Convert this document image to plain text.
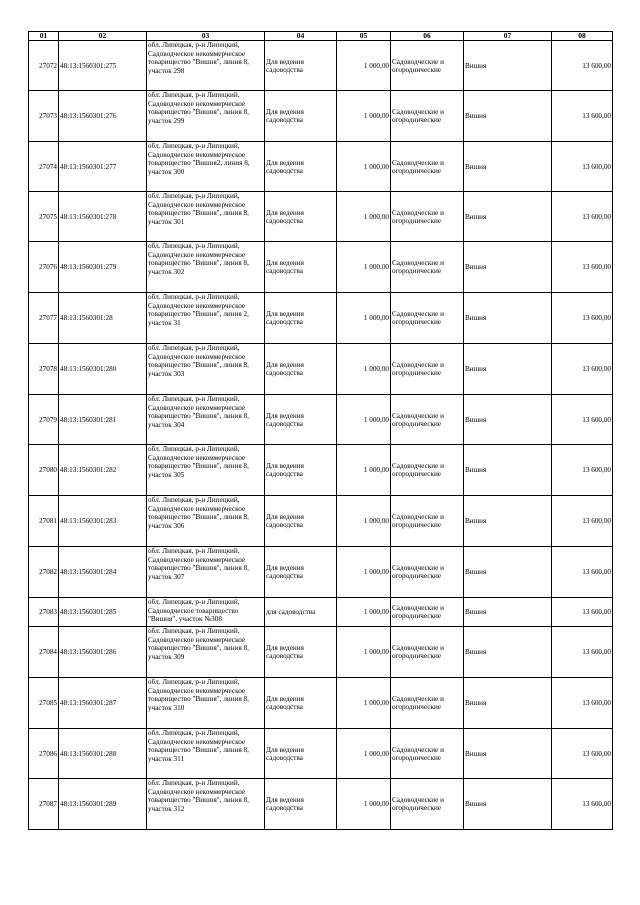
01	02	03	04	05	06	07	08

27072	48:13:1560301:275	обл. Липецкая, р-н Липецкий, Садоводческое некоммерческое товарищество "Вишня", линия 8, участок 298	Для ведения садоводства	1 000,00	Садоводческие и огороднические	Вишня	13 600,00

27073	48:13:1560301:276	обл. Липецкая, р-н Липецкий, Садоводческое некоммерческое товарищество "Вишня", линия 8, участок 299	Для ведения садоводства	1 000,00	Садоводческие и огороднические	Вишня	13 600,00

27074	48:13:1560301:277	обл. Липецкая, р-н Липецкий, Садоводческое некоммерческое товарищество "Вишня2, линия 8, участок 300	Для ведения садоводства	1 000,00	Садоводческие и огороднические	Вишня	13 600,00

27075	48:13:1560301:278	обл. Липецкая, р-н Липецкий, Садоводческое некоммерческое товарищество "Вишня", линия 8, участок 301	Для ведения садоводства	1 000,00	Садоводческие и огороднические	Вишня	13 600,00

27076	48:13:1560301:279	обл. Липецкая, р-н Липецкий, Садоводческое некоммерческое товарищество "Вишня", линия 8, участок 302	Для ведения садоводства	1 000,00	Садоводческие и огороднические	Вишня	13 600,00

27077	48:13:1560301:28	обл. Липецкая, р-н Липецкий, Садоводческое некоммерческое товарищество "Вишня", линия 2, участок 31	Для ведения садоводства	1 000,00	Садоводческие и огороднические	Вишня	13 600,00

27078	48:13:1560301:280	обл. Липецкая, р-н Липецкий, Садоводческое некоммерческое товарищество "Вишня", линия 8, участок 303	Для ведения садоводства	1 000,00	Садоводческие и огороднические	Вишня	13 600,00

27079	48:13:1560301:281	обл. Липецкая, р-н Липецкий, Садоводческое некоммерческое товарищество "Вишня", линия 8, участок 304	Для ведения садоводства	1 000,00	Садоводческие и огороднические	Вишня	13 600,00

27080	48:13:1560301:282	обл. Липецкая, р-н Липецкий, Садоводческое некоммерческое товарищество "Вишня", линия 8, участок 305	Для ведения садоводства	1 000,00	Садоводческие и огороднические	Вишня	13 600,00

27081	48:13:1560301:283	обл. Липецкая, р-н Липецкий, Садоводческое некоммерческое товарищество "Вишня", линия 8, участок 306	Для ведения садоводства	1 000,00	Садоводческие и огороднические	Вишня	13 600,00

27082	48:13:1560301:284	обл. Липецкая, р-н Липецкий, Садоводческое некоммерческое товарищество "Вишня", линия 8, участок 307	Для ведения садоводства	1 000,00	Садоводческие и огороднические	Вишня	13 600,00

27083	48:13:1560301:285	обл. Липецкая, р-н Липецкий, Садоводческое товарищество "Вишня", участок №308	для садоводства	1 000,00	Садоводческие и огороднические	Вишня	13 600,00

27084	48:13:1560301:286	обл. Липецкая, р-н Липецкий, Садоводческое некоммерческое товарищество "Вишня", линия 8, участок 309	Для ведения садоводства	1 000,00	Садоводческие и огороднические	Вишня	13 600,00

27085	48:13:1560301:287	обл. Липецкая, р-н Липецкий, Садоводческое некоммерческое товарищество "Вишня", линия 8, участок 310	Для ведения садоводства	1 000,00	Садоводческие и огороднические	Вишня	13 600,00

27086	48:13:1560301:288	обл. Липецкая, р-н Липецкий, Садоводческое некоммерческое товарищество "Вишня", линия 8, участок 311	Для ведения садоводства	1 000,00	Садоводческие и огороднические	Вишня	13 600,00

27087	48:13:1560301:289	обл. Липецкая, р-н Липецкий, Садоводческое некоммерческое товарищество "Вишня", линия 8, участок 312	Для ведения садоводства	1 000,00	Садоводческие и огороднические	Вишня	13 600,00
